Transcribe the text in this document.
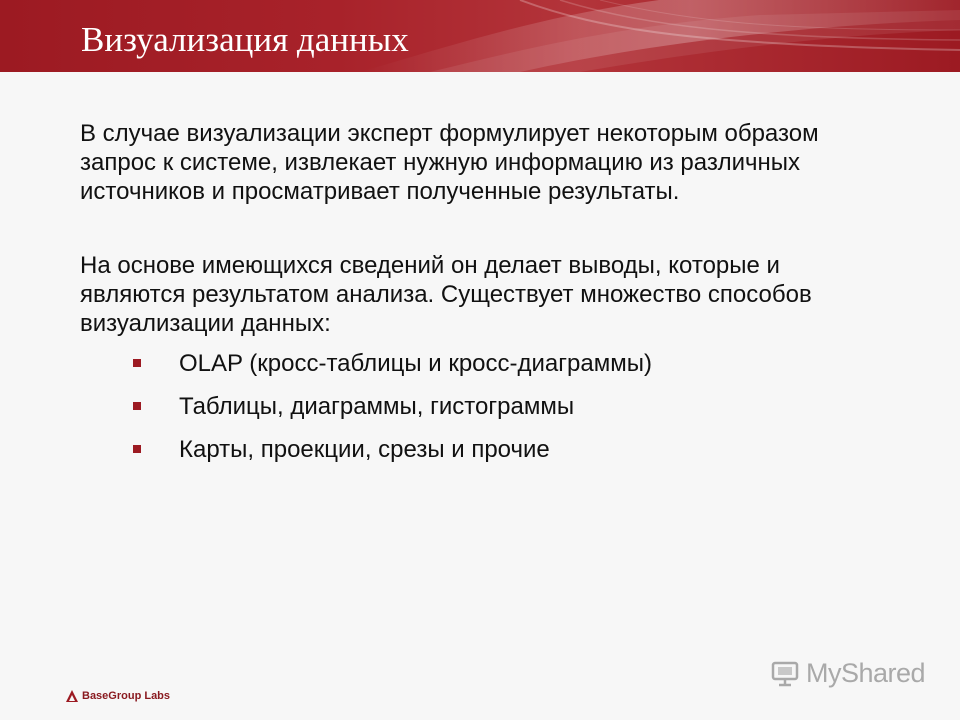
Визуализация данных

В случае визуализации эксперт формулирует некоторым образом запрос к системе, извлекает нужную информацию из различных источников и просматривает полученные результаты.

На основе имеющихся сведений он делает выводы, которые и являются результатом анализа. Существует множество способов визуализации данных:

OLAP (кросс-таблицы и кросс-диаграммы)
Таблицы, диаграммы, гистограммы
Карты, проекции, срезы и прочие
BaseGroup Labs
MyShared
